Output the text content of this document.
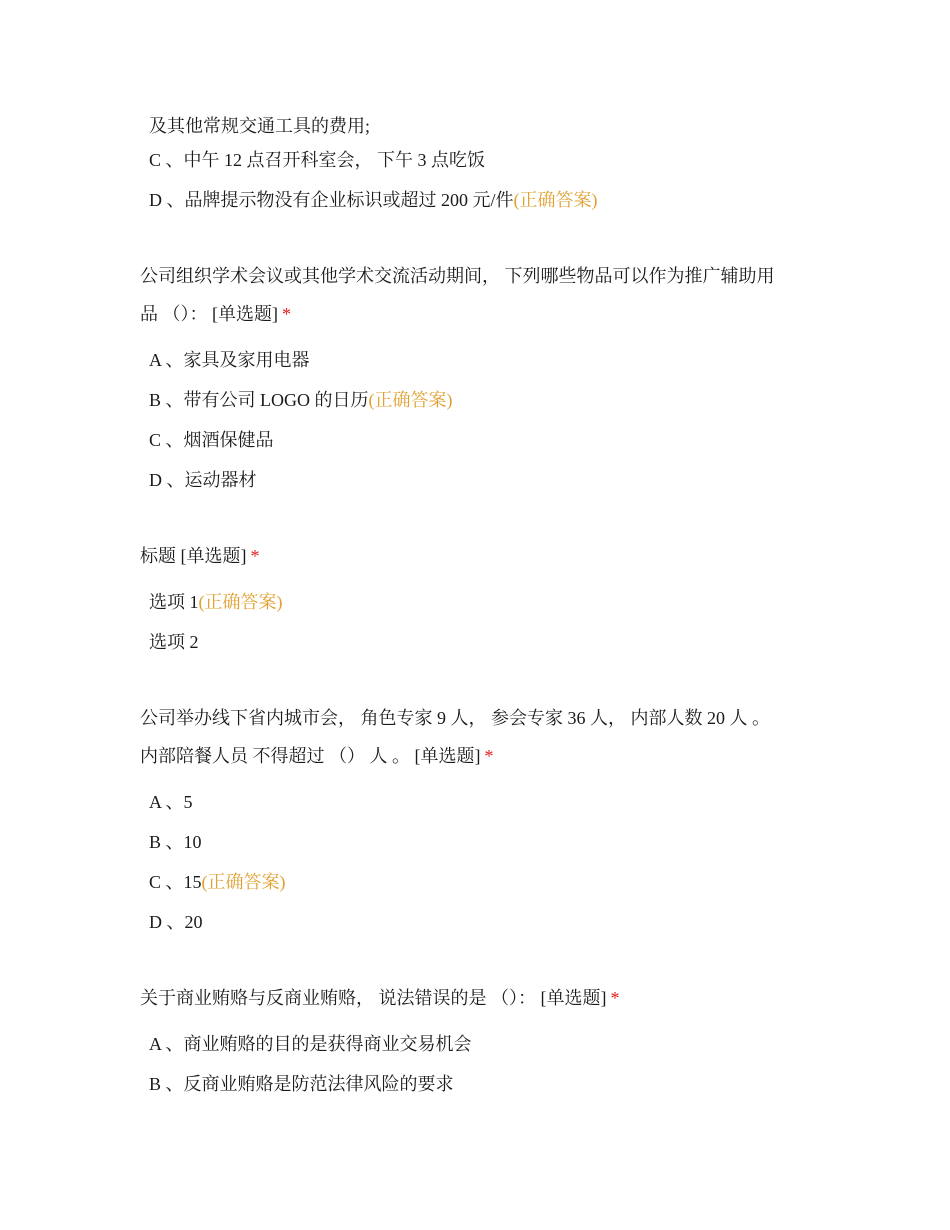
及其他常规交通工具的费用;
C 、中午 12 点召开科室会， 下午 3 点吃饭
D 、品牌提示物没有企业标识或超过 200 元/件(正确答案)
公司组织学术会议或其他学术交流活动期间， 下列哪些物品可以作为推广辅助用
品 （）： [单选题] *
A 、家具及家用电器
B 、带有公司 LOGO 的日历(正确答案)
C 、烟酒保健品
D 、运动器材
标题 [单选题] *
选项 1(正确答案)
选项 2
公司举办线下省内城市会， 角色专家 9 人， 参会专家 36 人， 内部人数 20 人 。
内部陪餐人员 不得超过 （） 人 。 [单选题] *
A 、5
B 、10
C 、15(正确答案)
D 、20
关于商业贿赂与反商业贿赂， 说法错误的是 （）： [单选题] *
A 、商业贿赂的目的是获得商业交易机会
B 、反商业贿赂是防范法律风险的要求
